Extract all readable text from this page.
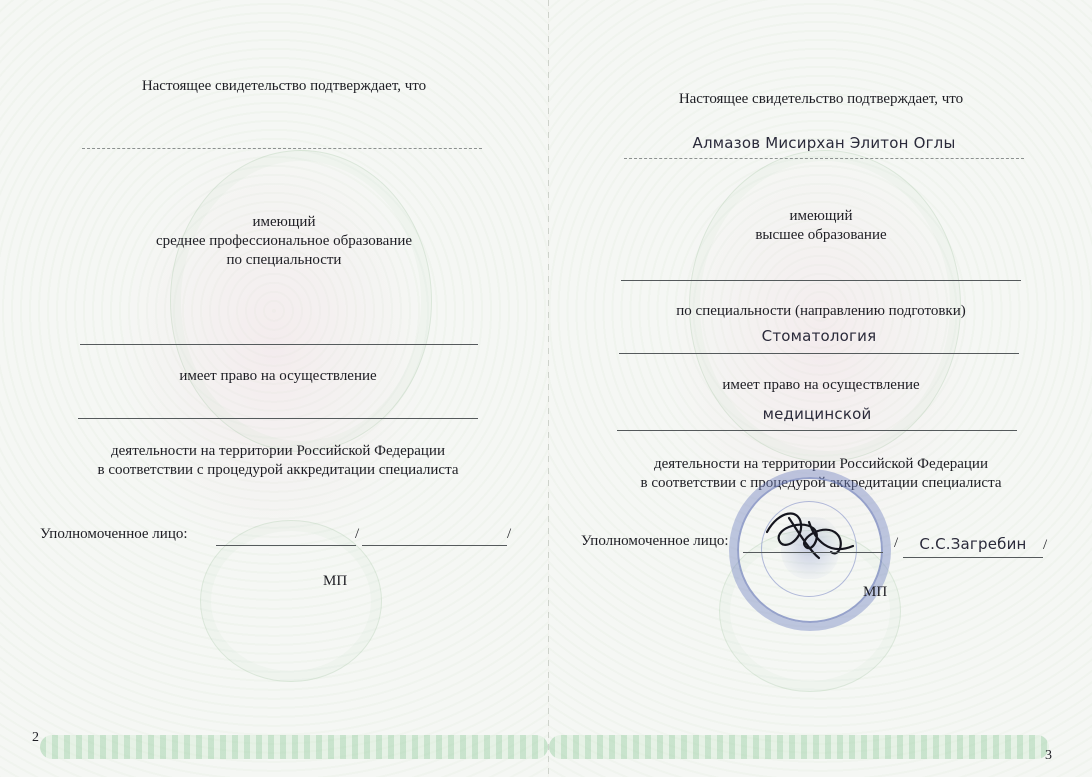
Настоящее свидетельство подтверждает, что
имеющий
среднее профессиональное образование
по специальности
имеет право на осуществление
деятельности на территории Российской Федерации
в соответствии с процедурой аккредитации специалиста
Уполномоченное лицо:	/	/
МП
2
Настоящее свидетельство подтверждает, что
Алмазов Мисирхан Элитон Оглы
имеющий
высшее образование
по специальности (направлению подготовки)
Стоматология
имеет право на осуществление
медицинской
деятельности на территории Российской Федерации
в соответствии с процедурой аккредитации специалиста
Уполномоченное лицо:	/	С.С.Загребин	/
МП
3
